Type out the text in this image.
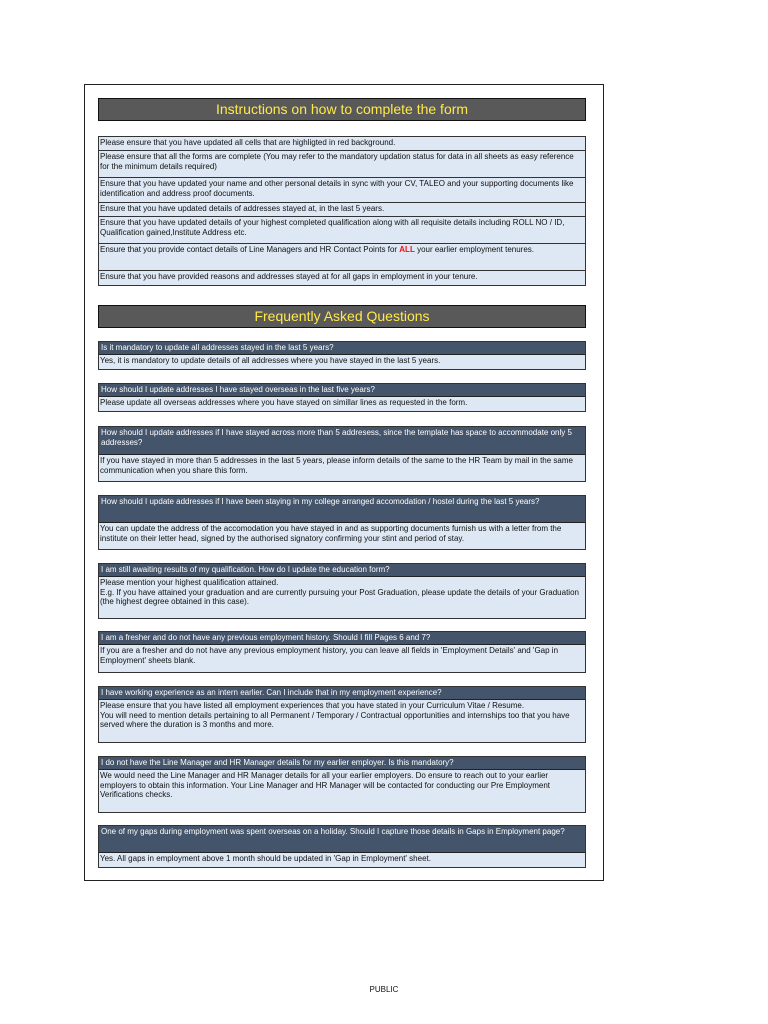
Instructions on how to complete the form
Please ensure that you have updated all cells that are highligted in red background.
Please ensure that all the forms are complete (You may refer to the mandatory updation status for data in all sheets as easy reference for the minimum details required)
Ensure that you have updated your name and other personal details in sync with your CV, TALEO and your supporting documents like identification and address proof documents.
Ensure that you have updated details of addresses stayed at, in the last 5 years.
Ensure that you have updated details of your highest completed qualification along with all requisite details including ROLL NO / ID, Qualification gained,Institute Address etc.
Ensure that you provide contact details of Line Managers and HR Contact Points for ALL your earlier employment tenures.
Ensure that you have provided reasons and addresses stayed at for all gaps in employment in your tenure.
Frequently Asked Questions
Is it mandatory to update all addresses stayed in the last 5 years?
Yes, it is mandatory to update details of all addresses where you have stayed in the last 5 years.
How should I update addresses I have stayed overseas in the last five years?
Please update all overseas addresses where you have stayed on simillar lines as requested in the form.
How should I update addresses if I have stayed across more than 5 addresess, since the template has space to accommodate only 5 addresses?
If you have stayed in more than 5 addresses in the last 5 years, please inform details of the same to the HR Team by mail in the same communication when you share this form.
How should I update addresses if I have been staying in my college arranged accomodation / hostel during the last 5 years?
You can update the address of the accomodation you have stayed in and as supporting documents furnish us with a letter from the institute on their letter head, signed by the authorised signatory confirming your stint and period of stay.
I am still awaiting results of my qualification. How do I update the education form?
Please mention your highest qualification attained.
E.g. If you have attained your graduation and are currently pursuing your Post Graduation, please update the details of your Graduation (the highest degree obtained in this case).
I am a fresher and do not have any previous employment history. Should I fill Pages 6 and 7?
If you are a fresher and do not have any previous employment history, you can leave all fields in 'Employment Details' and 'Gap in Employment' sheets blank.
I have working experience as an intern earlier. Can I include that in my employment experience?
Please ensure that you have listed all employment experiences that you have stated in your Curriculum Vitae / Resume.
You will need to mention details pertaining to all Permanent / Temporary / Contractual opportunities and internships too that you have served where the duration is 3 months and more.
I do not have the Line Manager and HR Manager details for my earlier employer. Is this mandatory?
We would need the Line Manager and HR Manager details for all your earlier employers. Do ensure to reach out to your earlier employers to obtain this information. Your Line Manager and HR Manager will be contacted for conducting our Pre Employment Verifications checks.
One of my gaps during employment was spent overseas on a holiday. Should I capture those details in Gaps in Employment page?
Yes. All gaps in employment above 1 month should be updated in 'Gap in Employment' sheet.
PUBLIC
